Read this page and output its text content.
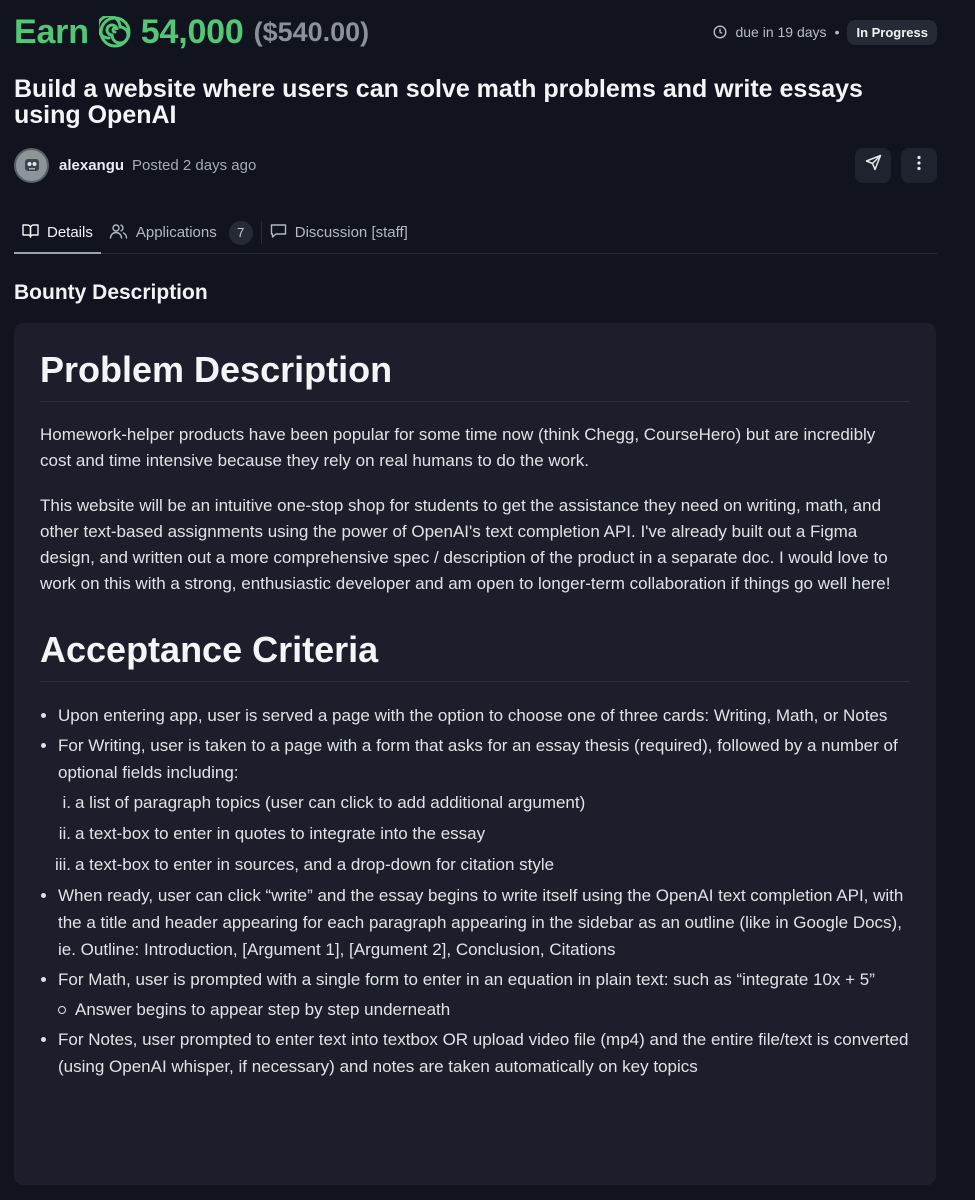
Earn 54,000 ($540.00)	due in 19 days •	In Progress
Build a website where users can solve math problems and write essays using OpenAI
alexangu Posted 2 days ago
Details	Applications	7	Discussion [staff]
Bounty Description
Problem Description

Homework-helper products have been popular for some time now (think Chegg, CourseHero) but are incredibly cost and time intensive because they rely on real humans to do the work.

This website will be an intuitive one-stop shop for students to get the assistance they need on writing, math, and other text-based assignments using the power of OpenAI's text completion API. I've already built out a Figma design, and written out a more comprehensive spec / description of the product in a separate doc. I would love to work on this with a strong, enthusiastic developer and am open to longer-term collaboration if things go well here!

Acceptance Criteria
Upon entering app, user is served a page with the option to choose one of three cards: Writing, Math, or Notes
For Writing, user is taken to a page with a form that asks for an essay thesis (required), followed by a number of optional fields including:
i. a list of paragraph topics (user can click to add additional argument)
ii. a text-box to enter in quotes to integrate into the essay
iii. a text-box to enter in sources, and a drop-down for citation style
When ready, user can click “write” and the essay begins to write itself using the OpenAI text completion API, with the a title and header appearing for each paragraph appearing in the sidebar as an outline (like in Google Docs), ie. Outline: Introduction, [Argument 1], [Argument 2], Conclusion, Citations
For Math, user is prompted with a single form to enter in an equation in plain text: such as “integrate 10x + 5”
Answer begins to appear step by step underneath
For Notes, user prompted to enter text into textbox OR upload video file (mp4) and the entire file/text is converted (using OpenAI whisper, if necessary) and notes are taken automatically on key topics
